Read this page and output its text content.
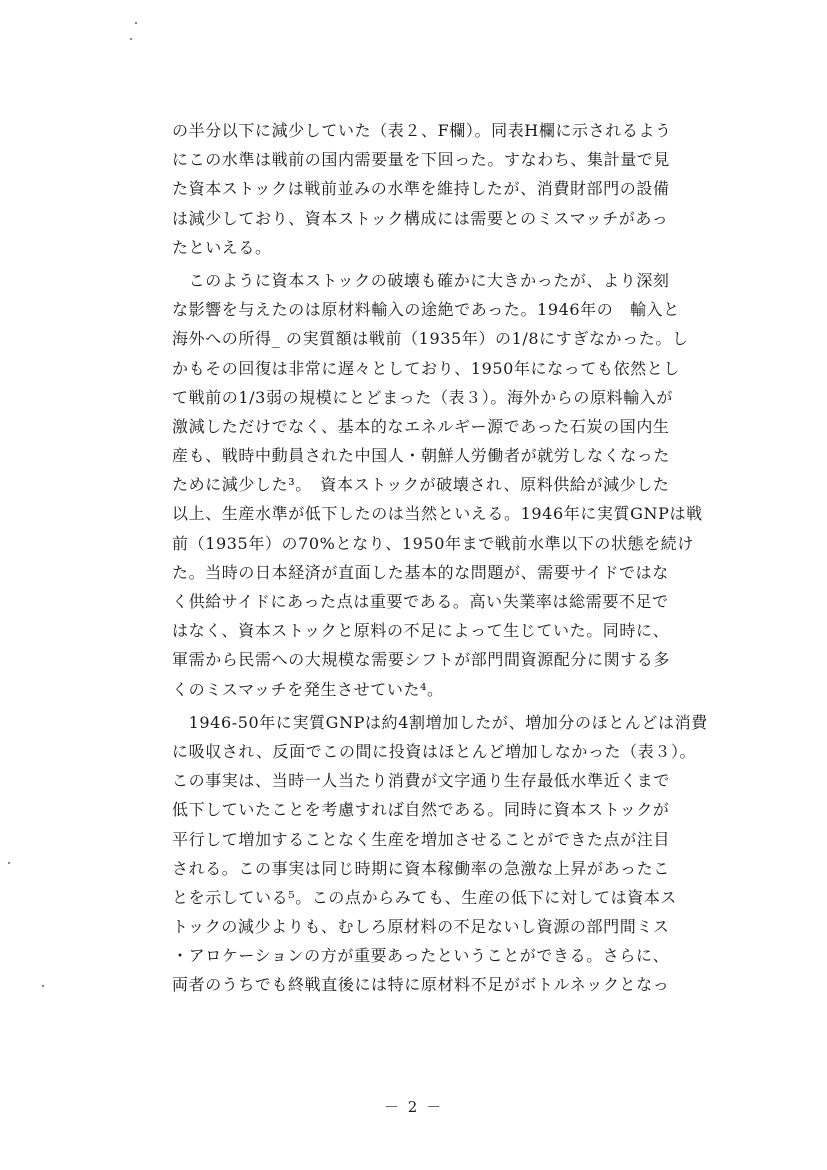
の半分以下に減少していた（表２、F欄）。同表H欄に示されるよう
にこの水準は戦前の国内需要量を下回った。すなわち、集計量で見
た資本ストックは戦前並みの水準を維持したが、消費財部門の設備
は減少しており、資本ストック構成には需要とのミスマッチがあっ
たといえる。
　このように資本ストックの破壊も確かに大きかったが、より深刻
な影響を与えたのは原材料輸入の途絶であった。1946年の　輸入と
海外への所得_ の実質額は戦前（1935年）の1/8にすぎなかった。し
かもその回復は非常に遅々としており、1950年になっても依然とし
て戦前の1/3弱の規模にとどまった（表３）。海外からの原料輸入が
激減しただけでなく、基本的なエネルギー源であった石炭の国内生
産も、戦時中動員された中国人・朝鮮人労働者が就労しなくなった
ために減少した³。　資本ストックが破壊され、原料供給が減少した
以上、生産水準が低下したのは当然といえる。1946年に実質GNPは戦
前（1935年）の70%となり、1950年まで戦前水準以下の状態を続け
た。当時の日本経済が直面した基本的な問題が、需要サイドではな
く供給サイドにあった点は重要である。高い失業率は総需要不足で
はなく、資本ストックと原料の不足によって生じていた。同時に、
軍需から民需への大規模な需要シフトが部門間資源配分に関する多
くのミスマッチを発生させていた⁴。
　1946-50年に実質GNPは約4割増加したが、増加分のほとんどは消費
に吸収され、反面でこの間に投資はほとんど増加しなかった（表３）。
この事実は、当時一人当たり消費が文字通り生存最低水準近くまで
低下していたことを考慮すれば自然である。同時に資本ストックが
平行して増加することなく生産を増加させることができた点が注目
される。この事実は同じ時期に資本稼働率の急激な上昇があったこ
とを示している⁵。この点からみても、生産の低下に対しては資本ス
トックの減少よりも、むしろ原材料の不足ないし資源の部門間ミス
・アロケーションの方が重要あったということができる。さらに、
両者のうちでも終戦直後には特に原材料不足がボトルネックとなっ
－ 2 －
